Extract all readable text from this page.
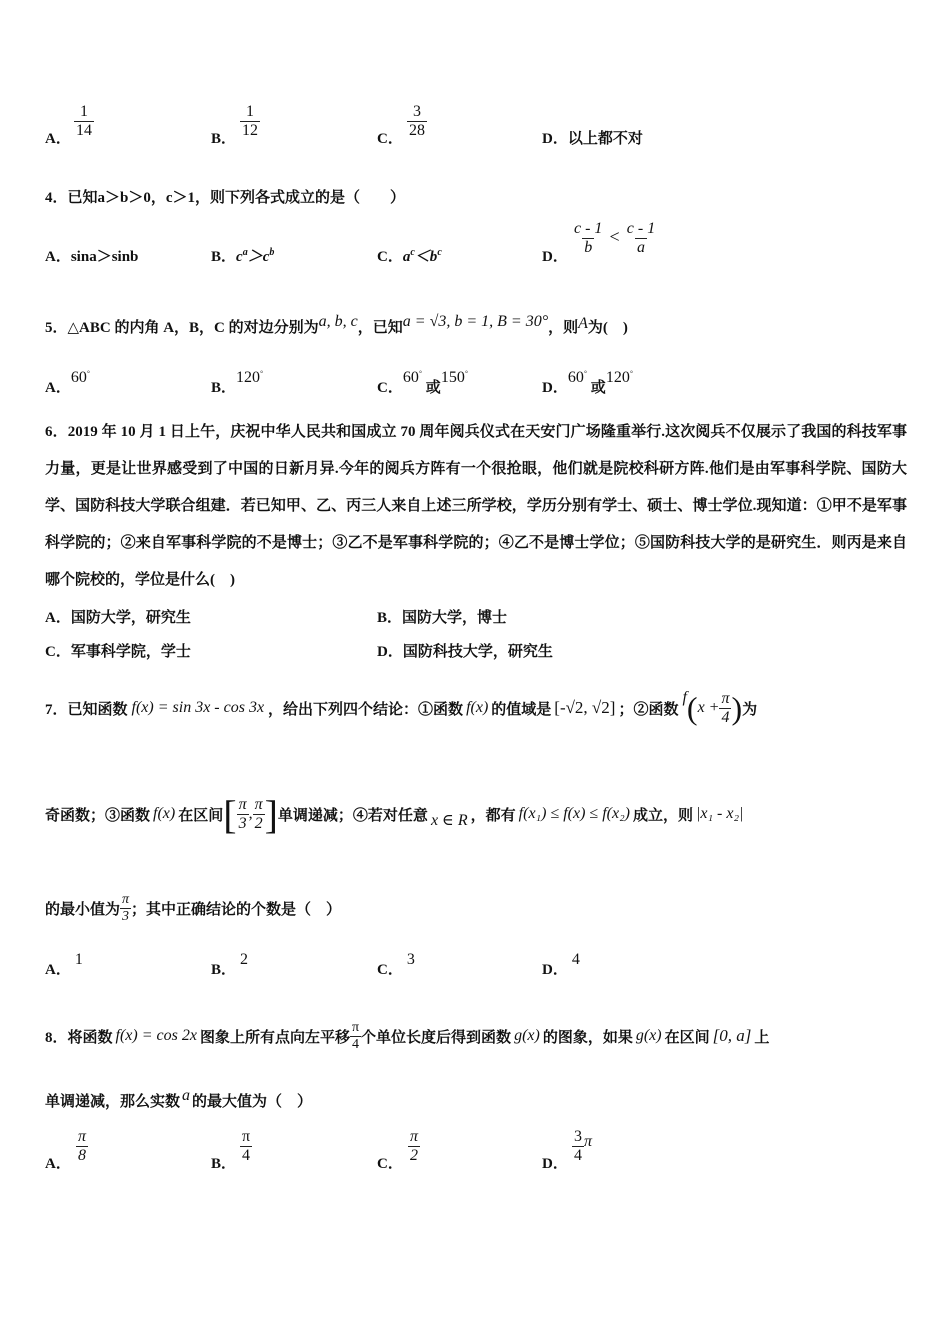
A． $\frac{1}{14}$	B． $\frac{1}{12}$	C． $\frac{3}{28}$	D．以上都不对
4．已知a＞b＞0，c＞1，则下列各式成立的是（　　）
A．sina＞sinb	B．$c^a>c^b$	C．$a^c<b^c$	D．
$\frac{c - 1}{b} < \frac{c - 1}{a}$
5．△ABC 的内角 A，B，C 的对边分别为a, b, c，已知a = √3, b = 1, B = 30°，则A为(　)
A．60°
B．120°
C．60° 或150°
D．60° 或120°
6．2019 年 10 月 1 日上午，庆祝中华人民共和国成立 70 周年阅兵仪式在天安门广场隆重举行.这次阅兵不仅展示了我国的科技军事力量，更是让世界感受到了中国的日新月异.今年的阅兵方阵有一个很抢眼，他们就是院校科研方阵.他们是由军事科学院、国防大学、国防科技大学联合组建．若已知甲、乙、丙三人来自上述三所学校，学历分别有学士、硕士、博士学位.现知道：①甲不是军事科学院的；②来自军事科学院的不是博士；③乙不是军事科学院的；④乙不是博士学位；⑤国防科技大学的是研究生．则丙是来自哪个院校的，学位是什么(　)
A．国防大学，研究生	B．国防大学，博士
C．军事科学院，学士	D．国防科技大学，研究生
7．已知函数 f(x) = sin 3x - cos 3x ，给出下列四个结论：①函数 f(x) 的值域是 [-√2, √2] ；②函数
f ( $x + \frac{\pi}{4}$ ) 为
奇函数；③函数 f(x) 在区间 [ $\frac{\pi}{3}$ , $\frac{\pi}{2}$ ] 单调递减；④若对任意 x ∈ R ，都有 f(x₁) ≤ f(x) ≤ f(x₂) 成立，则 |x₁ - x₂|
的最小值为 $\frac{\pi}{3}$ ；其中正确结论的个数是（　）
A．1
B．2
C．3
D．4
8．将函数 f(x) = cos 2x 图象上所有点向左平移 $\frac{\pi}{4}$ 个单位长度后得到函数 g(x) 的图象，如果 g(x) 在区间 [0, a] 上
单调递减，那么实数 a 的最大值为（　）
A． $\frac{\pi}{8}$	B． $\frac{\pi}{4}$	C． $\frac{\pi}{2}$	D． $\frac{3}{4}$ π
